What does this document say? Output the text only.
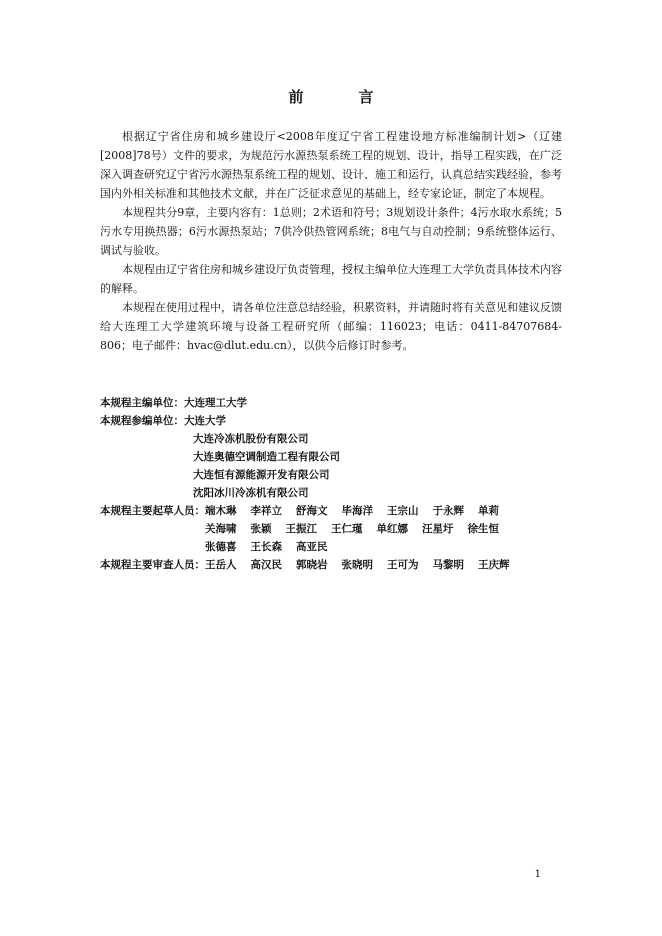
前　言

根据辽宁省住房和城乡建设厅<2008年度辽宁省工程建设地方标准编制计划>（辽建[2008]78号）文件的要求，为规范污水源热泵系统工程的规划、设计，指导工程实践，在广泛深入调查研究辽宁省污水源热泵系统工程的规划、设计、施工和运行，认真总结实践经验，参考国内外相关标准和其他技术文献，并在广泛征求意见的基础上，经专家论证，制定了本规程。

本规程共分9章，主要内容有：1总则；2术语和符号；3规划设计条件；4污水取水系统；5污水专用换热器；6污水源热泵站；7供冷供热管网系统；8电气与自动控制；9系统整体运行、调试与验收。

本规程由辽宁省住房和城乡建设厅负责管理，授权主编单位大连理工大学负责具体技术内容的解释。

本规程在使用过程中，请各单位注意总结经验，积累资料，并请随时将有关意见和建议反馈给大连理工大学建筑环境与设备工程研究所（邮编：116023；电话：0411-84707684-806；电子邮件：hvac@dlut.edu.cn），以供今后修订时参考。

本规程主编单位： 大连理工大学
本规程参编单位： 大连大学
大连冷冻机股份有限公司
大连奥德空调制造工程有限公司
大连恒有源能源开发有限公司
沈阳冰川冷冻机有限公司
本规程主要起草人员： 端木琳 李祥立 舒海文 毕海洋 王宗山 于永辉 单莉
关海啸 张颖 王振江 王仁瑾 单红娜 汪星圩 徐生恒
张德喜 王长森 高亚民
本规程主要审查人员： 王岳人 高汉民 郭晓岩 张晓明 王可为 马黎明 王庆辉
1
